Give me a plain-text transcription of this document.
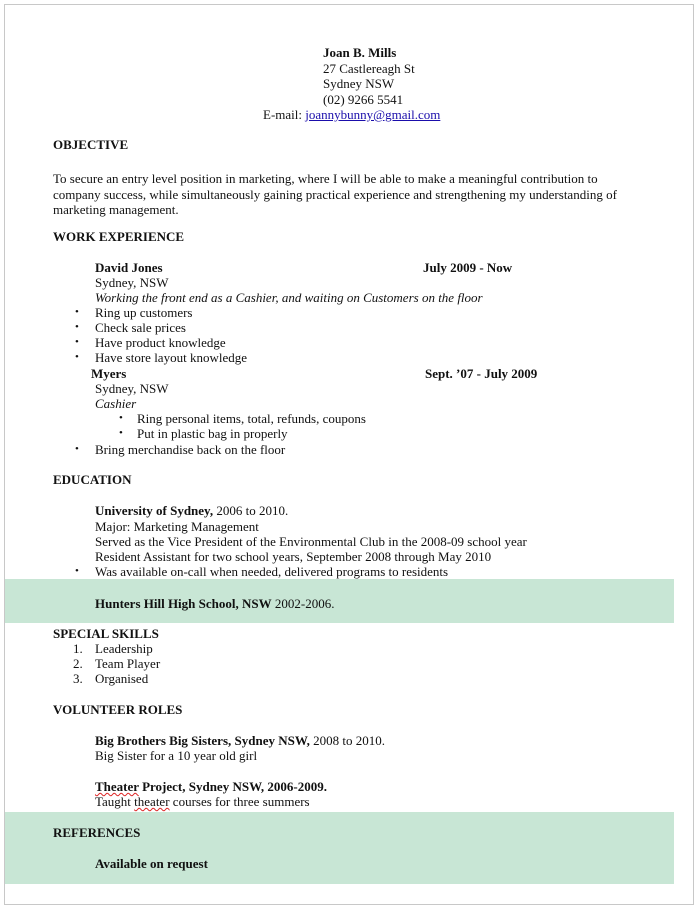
Joan B. Mills
27 Castlereagh St
Sydney NSW
(02) 9266 5541
E-mail: joannybunny@gmail.com
OBJECTIVE
To secure an entry level position in marketing, where I will be able to make a meaningful contribution to company success, while simultaneously gaining practical experience and strengthening my understanding of marketing management.
WORK EXPERIENCE
David Jones	July 2009 - Now
Sydney, NSW
Working the front end as a Cashier, and waiting on Customers on the floor
• Ring up customers
• Check sale prices
• Have product knowledge
• Have store layout knowledge
Myers	Sept. ’07 - July 2009
Sydney, NSW
Cashier
• Ring personal items, total, refunds, coupons
• Put in plastic bag in properly
• Bring merchandise back on the floor
EDUCATION
University of Sydney, 2006 to 2010.
Major: Marketing Management
Served as the Vice President of the Environmental Club in the 2008-09 school year
Resident Assistant for two school years, September 2008 through May 2010
• Was available on-call when needed, delivered programs to residents
Hunters Hill High School, NSW 2002-2006.
SPECIAL SKILLS
1. Leadership
2. Team Player
3. Organised
VOLUNTEER ROLES
Big Brothers Big Sisters, Sydney NSW, 2008 to 2010.
Big Sister for a 10 year old girl
Theater Project, Sydney NSW, 2006-2009.
Taught theater courses for three summers
REFERENCES
Available on request
